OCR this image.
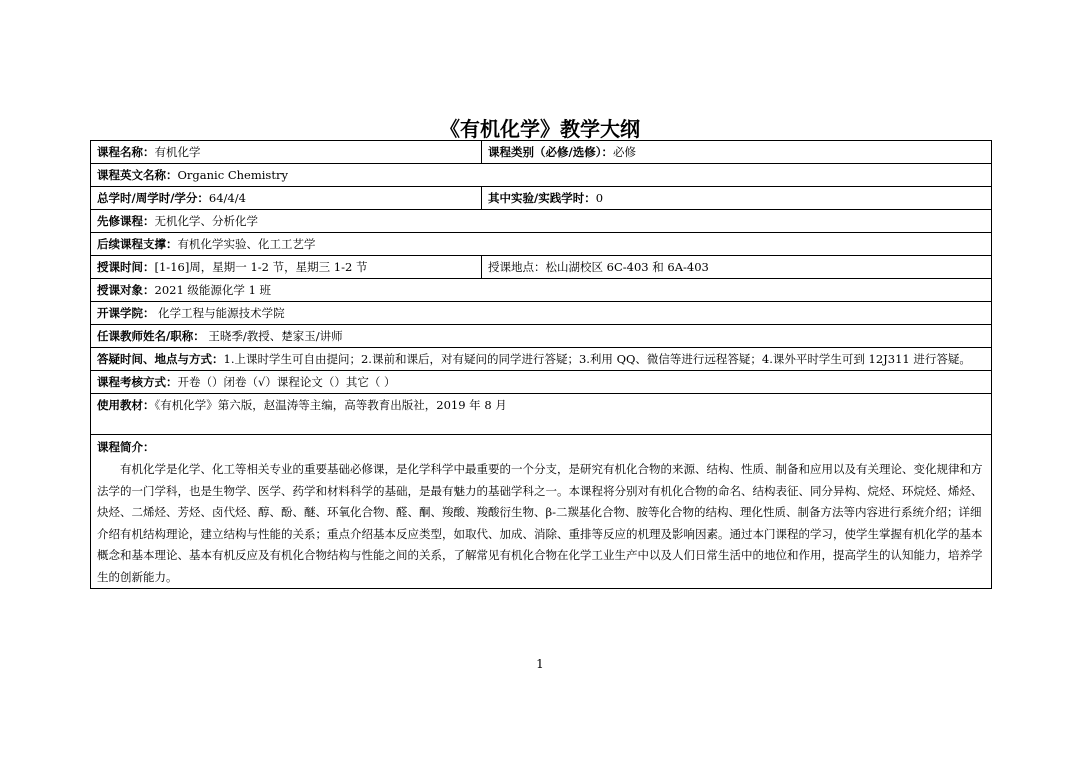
《有机化学》教学大纲
课程名称：有机化学	课程类别（必修/选修）：必修
课程英文名称：Organic Chemistry	
总学时/周学时/学分：64/4/4	其中实验/实践学时：0
先修课程：无机化学、分析化学	
后续课程支撑：有机化学实验、化工工艺学	
授课时间：[1-16]周，星期一 1-2 节，星期三 1-2 节	授课地点：松山湖校区 6C-403 和 6A-403
授课对象：2021 级能源化学 1 班	
开课学院： 化学工程与能源技术学院	
任课教师姓名/职称： 王晓季/教授、楚家玉/讲师	
答疑时间、地点与方式：1.上课时学生可自由提问；2.课前和课后，对有疑问的同学进行答疑；3.利用 QQ、微信等进行远程答疑；4.课外平时学生可到 12J311 进行答疑。	
课程考核方式：开卷（）闭卷（√）课程论文（）其它（ ）	
使用教材：《有机化学》第六版，赵温涛等主编，高等教育出版社，2019 年 8 月	

课程简介：
有机化学是化学、化工等相关专业的重要基础必修课，是化学科学中最重要的一个分支，是研究有机化合物的来源、结构、性质、制备和应用以及有关理论、变化规律和方法学的一门学科，也是生物学、医学、药学和材料科学的基础，是最有魅力的基础学科之一。本课程将分别对有机化合物的命名、结构表征、同分异构、烷烃、环烷烃、烯烃、炔烃、二烯烃、芳烃、卤代烃、醇、酚、醚、环氧化合物、醛、酮、羧酸、羧酸衍生物、β-二羰基化合物、胺等化合物的结构、理化性质、制备方法等内容进行系统介绍；详细介绍有机结构理论，建立结构与性能的关系；重点介绍基本反应类型，如取代、加成、消除、重排等反应的机理及影响因素。通过本门课程的学习，使学生掌握有机化学的基本概念和基本理论、基本有机反应及有机化合物结构与性能之间的关系，了解常见有机化合物在化学工业生产中以及人们日常生活中的地位和作用，提高学生的认知能力，培养学生的创新能力。	
1
